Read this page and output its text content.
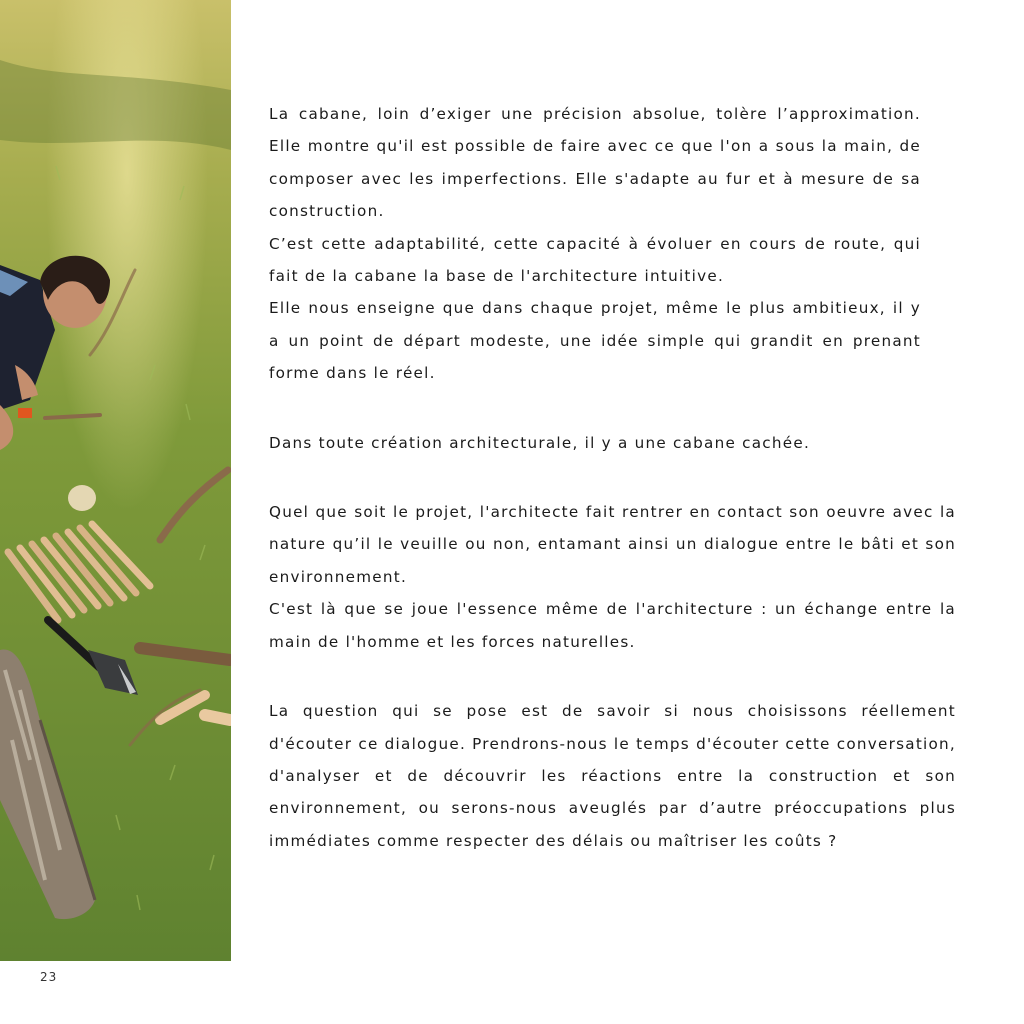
23

La cabane, loin d’exiger une précision absolue, tolère l’approximation. Elle montre qu'il est possible de faire avec ce que l'on a sous la main, de composer avec les imperfections. Elle s'adapte au fur et à mesure de sa construction.

C’est cette adaptabilité, cette capacité à évoluer en cours de route, qui fait de la cabane la base de l'architecture intuitive.

Elle nous enseigne que dans chaque projet, même le plus ambitieux, il y a un point de départ modeste, une idée simple qui grandit en prenant forme dans le réel.

Dans toute création architecturale, il y a une cabane cachée.

Quel que soit le projet, l'architecte fait rentrer en contact son oeuvre avec la nature qu’il le veuille ou non, entamant ainsi un dialogue entre le bâti et son environnement.

C'est là que se joue l'essence même de l'architecture : un échange entre la main de l'homme et les forces naturelles.

La question qui se pose est de savoir si nous choisissons réellement d'écouter ce dialogue. Prendrons-nous le temps d'écouter cette conversation, d'analyser et de découvrir les réactions entre la construction et son environnement, ou serons-nous aveuglés par d’autre préoccupations plus immédiates comme respecter des délais ou maîtriser les coûts ?
